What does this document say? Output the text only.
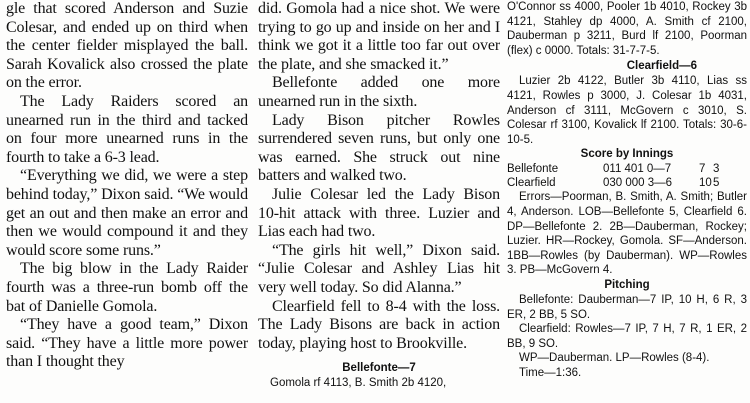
gle that scored Anderson and Suzie Colesar, and ended up on third when the center fielder misplayed the ball. Sarah Kovalick also crossed the plate on the error.

The Lady Raiders scored an unearned run in the third and tacked on four more unearned runs in the fourth to take a 6-3 lead.

“Everything we did, we were a step behind today,” Dixon said. “We would get an out and then make an error and then we would compound it and they would score some runs.”

The big blow in the Lady Raider fourth was a three-run bomb off the bat of Danielle Gomola.

“They have a good team,” Dixon said. “They have a little more power than I thought they

did. Gomola had a nice shot. We were trying to go up and inside on her and I think we got it a little too far out over the plate, and she smacked it.”

Bellefonte added one more unearned run in the sixth.

Lady Bison pitcher Rowles surrendered seven runs, but only one was earned. She struck out nine batters and walked two.

Julie Colesar led the Lady Bison 10-hit attack with three. Luzier and Lias each had two.

“The girls hit well,” Dixon said. “Julie Colesar and Ashley Lias hit very well today. So did Alanna.”

Clearfield fell to 8-4 with the loss. The Lady Bisons are back in action today, playing host to Brookville.

Bellefonte—7

Gomola rf 4113, B. Smith 2b 4120,

O'Connor ss 4000, Pooler 1b 4010, Rockey 3b 4121, Stahley dp 4000, A. Smith cf 2100, Dauberman p 3211, Burd lf 2100, Poorman (flex) c 0000. Totals: 31-7-7-5.

Clearfield—6

Luzier 2b 4122, Butler 3b 4110, Lias ss 4121, Rowles p 3000, J. Colesar 1b 4031, Anderson cf 3111, McGovern c 3010, S. Colesar rf 3100, Kovalick lf 2100. Totals: 30-6-10-5.

Score by Innings
Bellefonte	011 401 0—7	7 3
Clearfield	030 000 3—6	10 5

Errors—Poorman, B. Smith, A. Smith; Butler 4, Anderson. LOB—Bellefonte 5, Clearfield 6. DP—Bellefonte 2. 2B—Dauberman, Rockey; Luzier. HR—Rockey, Gomola. SF—Anderson. 1BB—Rowles (by Dauberman). WP—Rowles 3. PB—McGovern 4.

Pitching

Bellefonte: Dauberman—7 IP, 10 H, 6 R, 3 ER, 2 BB, 5 SO.

Clearfield: Rowles—7 IP, 7 H, 7 R, 1 ER, 2 BB, 9 SO.

WP—Dauberman. LP—Rowles (8-4).

Time—1:36.
